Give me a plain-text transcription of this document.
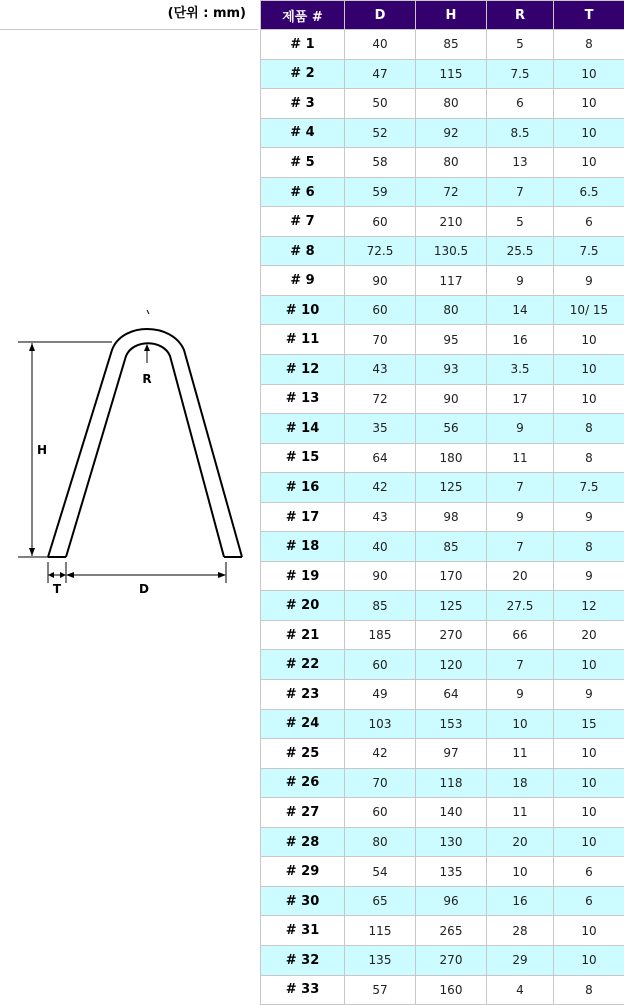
(단위 : mm)
H
R
T	D
제품 #	D	H	R	T
# 1	40	85	5	8
# 2	47	115	7.5	10
# 3	50	80	6	10
# 4	52	92	8.5	10
# 5	58	80	13	10
# 6	59	72	7	6.5
# 7	60	210	5	6
# 8	72.5	130.5	25.5	7.5
# 9	90	117	9	9
# 10	60	80	14	10/ 15
# 11	70	95	16	10
# 12	43	93	3.5	10
# 13	72	90	17	10
# 14	35	56	9	8
# 15	64	180	11	8
# 16	42	125	7	7.5
# 17	43	98	9	9
# 18	40	85	7	8
# 19	90	170	20	9
# 20	85	125	27.5	12
# 21	185	270	66	20
# 22	60	120	7	10
# 23	49	64	9	9
# 24	103	153	10	15
# 25	42	97	11	10
# 26	70	118	18	10
# 27	60	140	11	10
# 28	80	130	20	10
# 29	54	135	10	6
# 30	65	96	16	6
# 31	115	265	28	10
# 32	135	270	29	10
# 33	57	160	4	8
